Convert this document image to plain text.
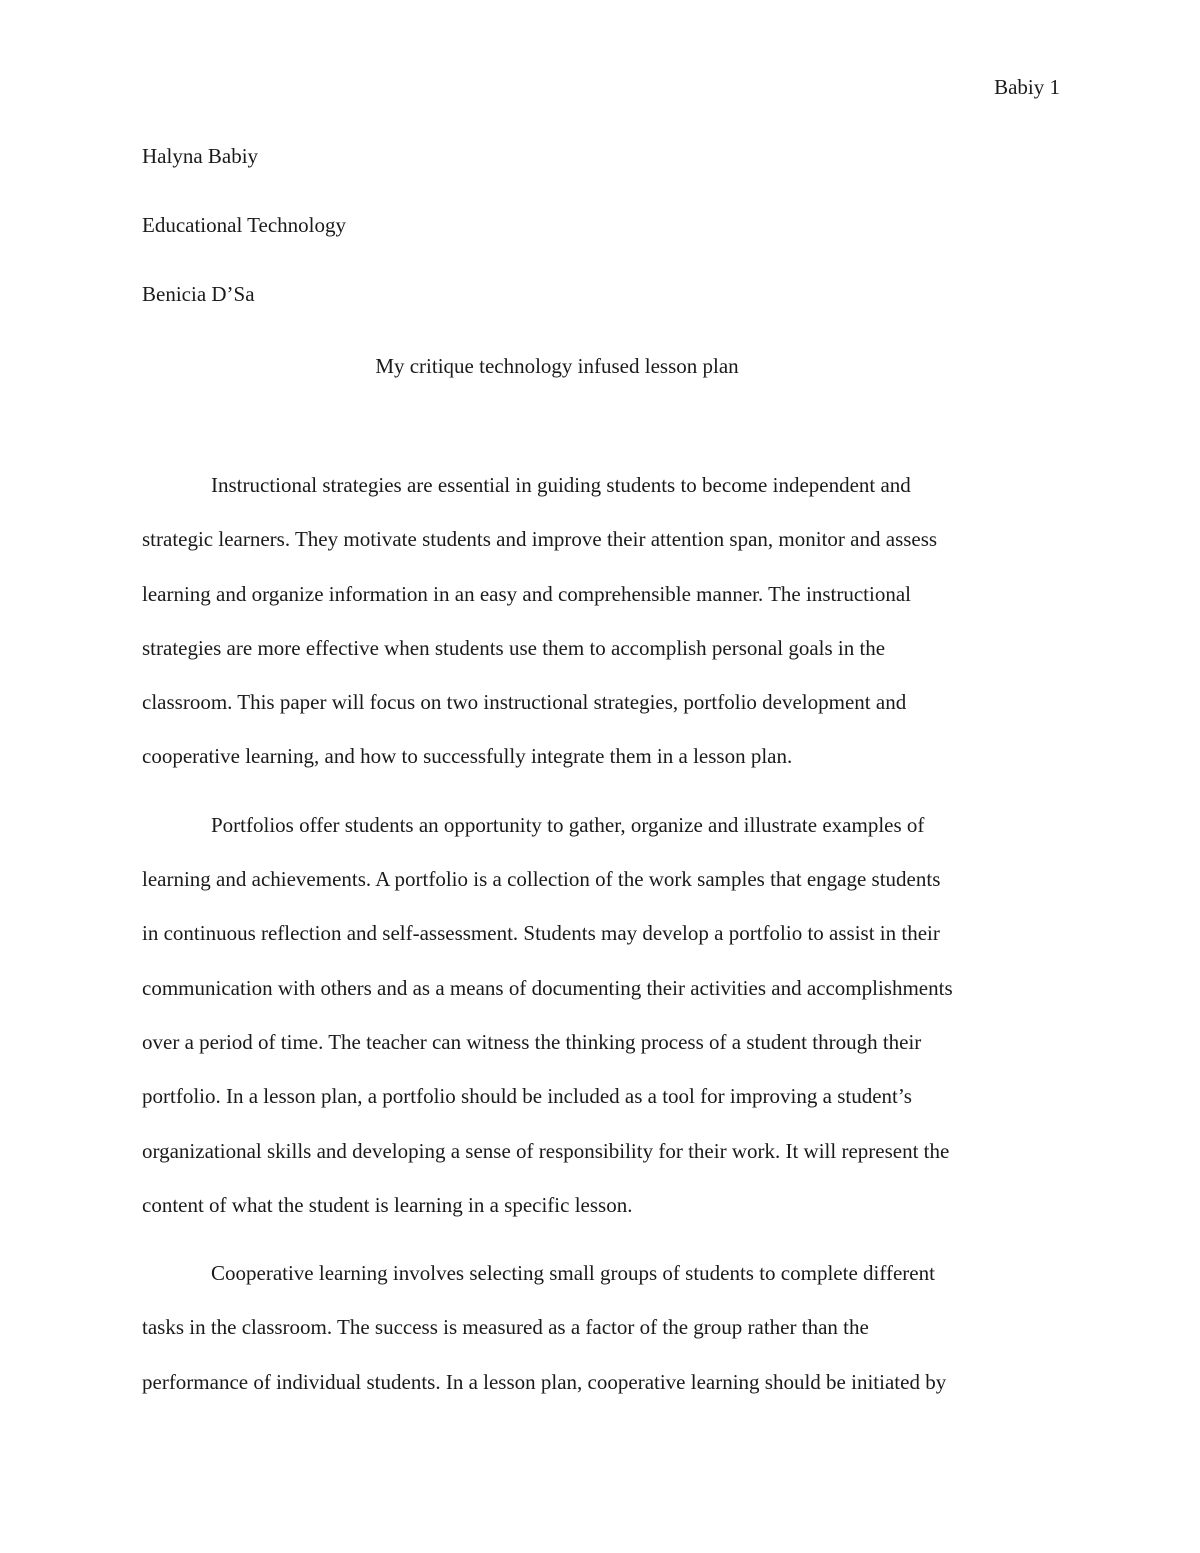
Babiy 1
Halyna Babiy
Educational Technology
Benicia D’Sa
My critique technology infused lesson plan

Instructional strategies are essential in guiding students to become independent and
strategic learners. They motivate students and improve their attention span, monitor and assess
learning and organize information in an easy and comprehensible manner. The instructional
strategies are more effective when students use them to accomplish personal goals in the
classroom. This paper will focus on two instructional strategies, portfolio development and
cooperative learning, and how to successfully integrate them in a lesson plan.

Portfolios offer students an opportunity to gather, organize and illustrate examples of
learning and achievements. A portfolio is a collection of the work samples that engage students
in continuous reflection and self-assessment. Students may develop a portfolio to assist in their
communication with others and as a means of documenting their activities and accomplishments
over a period of time. The teacher can witness the thinking process of a student through their
portfolio. In a lesson plan, a portfolio should be included as a tool for improving a student’s
organizational skills and developing a sense of responsibility for their work. It will represent the
content of what the student is learning in a specific lesson.

Cooperative learning involves selecting small groups of students to complete different
tasks in the classroom. The success is measured as a factor of the group rather than the
performance of individual students. In a lesson plan, cooperative learning should be initiated by
